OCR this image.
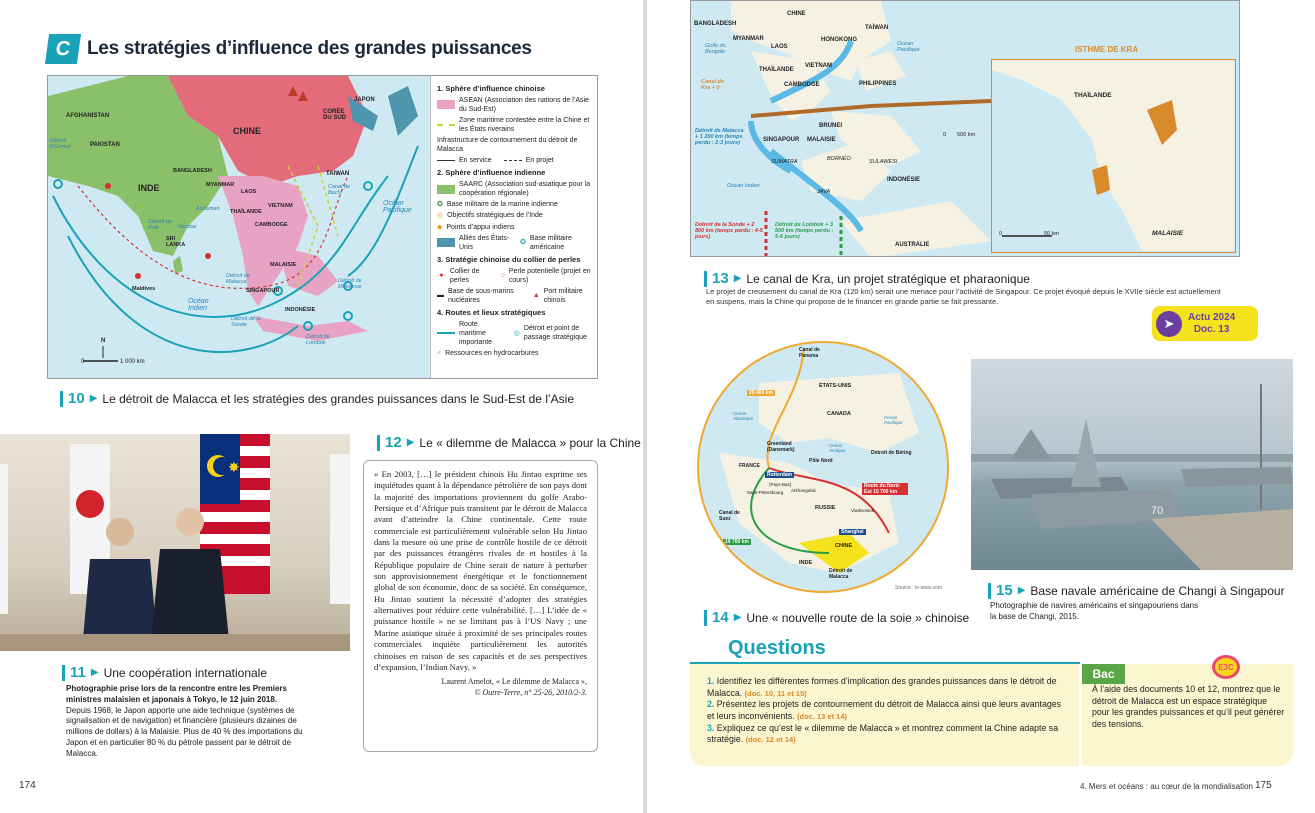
C Les stratégies d’influence des grandes puissances
CHINE
INDE
JAPON
CORÉE DU SUD
TAIWAN
AFGHANISTAN
PAKISTAN
BANGLADESH
MYANMAR
LAOS
THAÏLANDE
VIETNAM
CAMBODGE
SRI LANKA
Maldives
MALAISIE
SINGAPOUR
INDONÉSIE
Océan Indien
Océan Pacifique
Détroit d’Ormuz
Détroit de Palk
Détroit de Malacca
Détroit de la Sonde
Détroit de Lombok
Détroit de Makassar
Canal de Bachi
Nicobar
Andaman
1 000 km
0
N
1. Sphère d’influence chinoise
ASEAN (Association des nations de l’Asie du Sud-Est)
Zone maritime contestée entre la Chine et les États riverains
Infrastructure de contournement du détroit de Malacca
En service	En projet
2. Sphère d’influence indienne
SAARC (Association sud-asiatique pour la coopération régionale)
✪ Base militaire de la marine indienne
◎ Objectifs stratégiques de l’Inde
◆ Points d’appui indiens
Alliés des États-Unis
✪
Base militaire américaine
3. Stratégie chinoise du collier de perles
·●·
Collier de perles
○
Perle potentielle (projet en cours)
▬
Base de sous-marins nucléaires
▲
Port militaire chinois
4. Routes et lieux stratégiques
Route maritime importante
◎
Détroit et point de passage stratégique
⁖ Ressources en hydrocarbures
10 ▶ Le détroit de Malacca et les stratégies des grandes puissances dans le Sud-Est de l’Asie
✸
11 ▶ Une coopération internationale
Photographie prise lors de la rencontre entre les Premiers ministres malaisien et japonais à Tokyo, le 12 juin 2018.
Depuis 1968, le Japon apporte une aide technique (systèmes de signalisation et de navigation) et financière (plusieurs dizaines de millions de dollars) à la Malaisie. Plus de 40 % des importations du Japon et en particulier 80 % du pétrole passent par le détroit de Malacca.
12 ▶ Le « dilemme de Malacca » pour la Chine
« En 2003, […] le président chinois Hu Jintao exprime ses inquiétudes quant à la dépendance pétrolière de son pays dont la majorité des importations proviennent du golfe Arabo-Persique et d’Afrique puis transitent par le détroit de Malacca avant d’atteindre la Chine continentale. Cette route commerciale est particulièrement vulnérable selon Hu Jintao dans la mesure où une prise de contrôle hostile de ce détroit par des puissances étrangères rivales de et hostiles à la République populaire de Chine serait de nature à perturber son approvisionnement énergétique et le fonctionnement global de son économie, donc de sa société. En conséquence, Hu Jintao soutient la nécessité d’adopter des stratégies alternatives pour réduire cette vulnérabilité. […] L’idée de « puissance hostile » ne se limitant pas à l’US Navy ; une Marine asiatique située à proximité de ses principales routes commerciales inquiète particulièrement les autorités chinoises en raison de ses capacités et de ses perspectives d’expansion, l’Indian Navy. »
Laurent Amelot, « Le dilemme de Malacca »,
© Outre-Terre, n° 25-26, 2010/2-3.
174
CHINE
TAÏWAN
HONGKONG
BANGLADESH
MYANMAR
LAOS
VIETNAM
THAÏLANDE
CAMBODGE	PHILIPPINES
BRUNEI
MALAISIE
SINGAPOUR
SUMATRA	BORNÉO	SULAWESI
JAVA
INDONÉSIE
AUSTRALIE
Golfe du Bengale
Océan Pacifique
Océan Indien
Canal de Kra + 0
Détroit de Malacca + 1 200 km (temps perdu : 2-3 jours)
Détroit de la Sonde + 2 800 km (temps perdu : 4-5 jours)
Détroit de Lombok + 3 500 km (temps perdu : 5-6 jours)
500 km
0
THAÏLANDE
MALAISIE
50 km
0
ISTHME DE KRA
13 ▶ Le canal de Kra, un projet stratégique et pharaonique
Le projet de creusement du canal de Kra (120 km) serait une menace pour l’activité de Singapour. Ce projet évoqué depuis le XVIIe siècle est actuellement en suspens, mais la Chine qui propose de le financer en grande partie se fait pressante.
➤	Actu 2024
Doc. 13
Canal de Panama
ÉTATS-UNIS
CANADA
Greenland (Danemark)
Pôle Nord
Détroit de Béring
FRANCE
Rotterdam
(Pays-Bas)
Saint-Pétersbourg Arkhangelsk
RUSSIE	Vladivostok
Shanghai
CHINE
INDE
Canal de Suez
Détroit de Malacca
Route du Nord-Est 15 700 km
25 400 km
19 700 km
Océan Atlantique	Océan Pacifique
Océan Arctique
Source : le-orsis.com
14 ▶ Une « nouvelle route de la soie » chinoise
70
15 ▶ Base navale américaine de Changi à Singapour
Photographie de navires américains et singapouriens dans la base de Changi, 2015.
Questions
1. Identifiez les différentes formes d’implication des grandes puissances dans le détroit de Malacca. (doc. 10, 11 et 15)
2. Présentez les projets de contournement du détroit de Malacca ainsi que leurs avantages et leurs inconvénients. (doc. 13 et 14)
3. Expliquez ce qu’est le « dilemme de Malacca » et montrez comment la Chine adapte sa stratégie. (doc. 12 et 14)
À l’aide des documents 10 et 12, montrez que le détroit de Malacca est un espace stratégique pour les grandes puissances et qu’il peut générer des tensions.
Bac	E3C
4. Mers et océans : au cœur de la mondialisation 175
